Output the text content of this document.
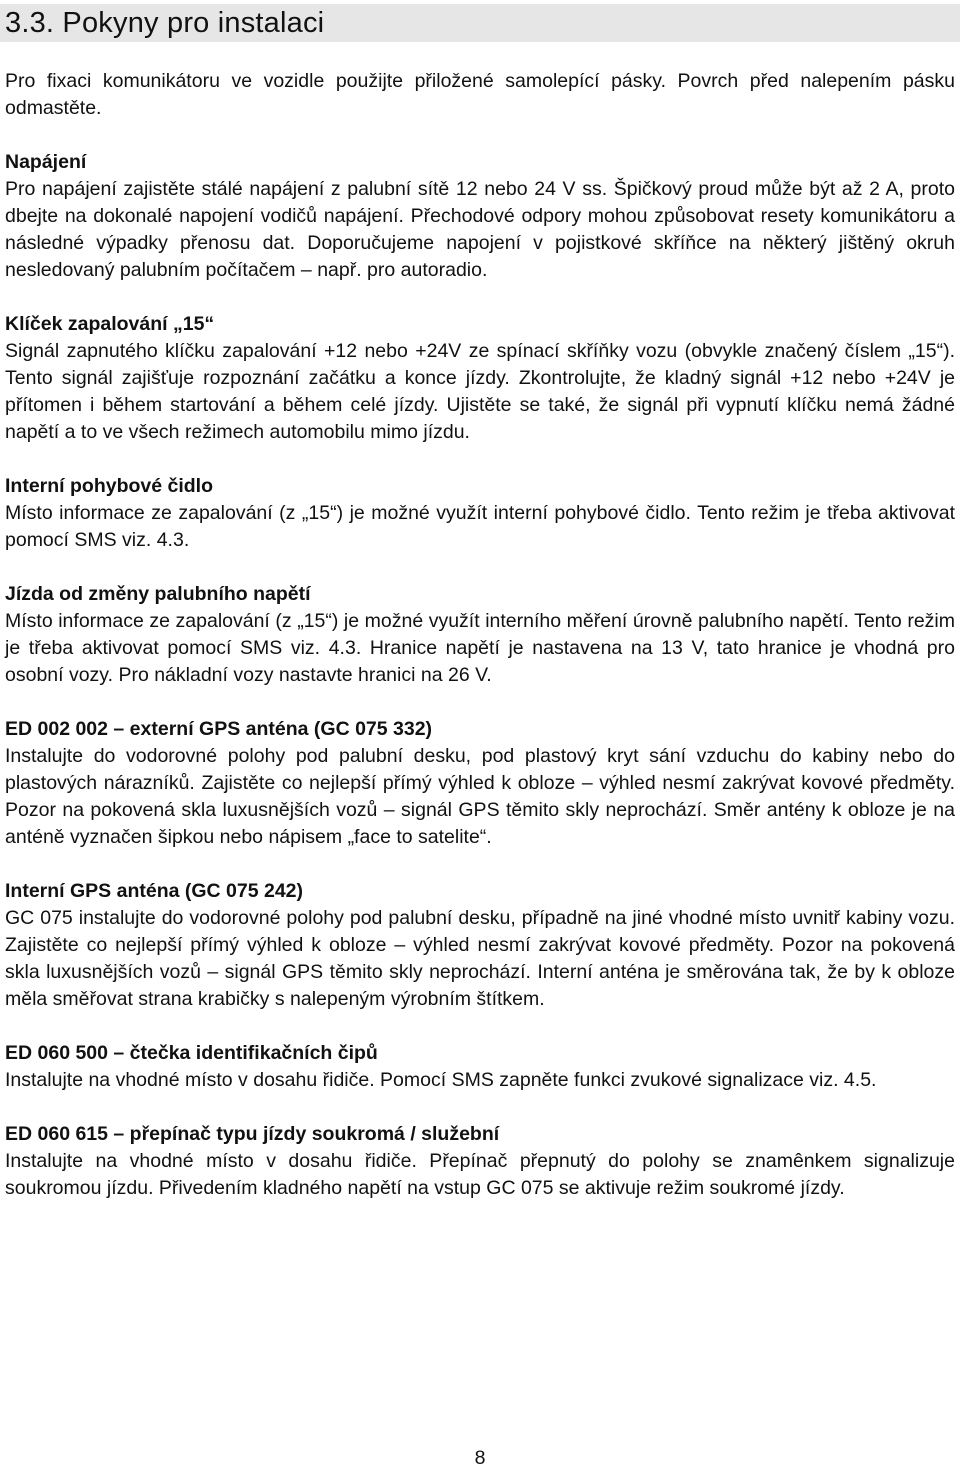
3.3. Pokyny pro instalaci

Pro fixaci komunikátoru ve vozidle použijte přiložené samolepící pásky. Povrch před nalepením pásku odmastěte.

Napájení

Pro napájení zajistěte stálé napájení z palubní sítě 12 nebo 24 V ss. Špičkový proud může být až 2 A, proto dbejte na dokonalé napojení vodičů napájení. Přechodové odpory mohou způsobovat resety komunikátoru a následné výpadky přenosu dat. Doporučujeme napojení v pojistkové skříňce na některý jištěný okruh nesledovaný palubním počítačem – např. pro autoradio.

Klíček zapalování „15“

Signál zapnutého klíčku zapalování +12 nebo +24V ze spínací skříňky vozu (obvykle značený číslem „15“). Tento signál zajišťuje rozpoznání začátku a konce jízdy. Zkontrolujte, že kladný signál +12 nebo +24V je přítomen i během startování a během celé jízdy. Ujistěte se také, že signál při vypnutí klíčku nemá žádné napětí a to ve všech režimech automobilu mimo jízdu.

Interní pohybové čidlo

Místo informace ze zapalování (z „15“) je možné využít interní pohybové čidlo. Tento režim je třeba aktivovat pomocí SMS viz. 4.3.

Jízda od změny palubního napětí

Místo informace ze zapalování (z „15“) je možné využít interního měření úrovně palubního napětí. Tento režim je třeba aktivovat pomocí SMS viz. 4.3. Hranice napětí je nastavena na 13 V, tato hranice je vhodná pro osobní vozy. Pro nákladní vozy nastavte hranici na 26 V.

ED 002 002 – externí GPS anténa (GC 075 332)

Instalujte do vodorovné polohy pod palubní desku, pod plastový kryt sání vzduchu do kabiny nebo do plastových nárazníků. Zajistěte co nejlepší přímý výhled k obloze – výhled nesmí zakrývat kovové předměty. Pozor na pokovená skla luxusnějších vozů – signál GPS těmito skly neprochází. Směr antény k obloze je na anténě vyznačen šipkou nebo nápisem „face to satelite“.

Interní GPS anténa (GC 075 242)

GC 075 instalujte do vodorovné polohy pod palubní desku, případně na jiné vhodné místo uvnitř kabiny vozu. Zajistěte co nejlepší přímý výhled k obloze – výhled nesmí zakrývat kovové předměty. Pozor na pokovená skla luxusnějších vozů – signál GPS těmito skly neprochází. Interní anténa je směrována tak, že by k obloze měla směřovat strana krabičky s nalepeným výrobním štítkem.

ED 060 500 – čtečka identifikačních čipů

Instalujte na vhodné místo v dosahu řidiče. Pomocí SMS zapněte funkci zvukové signalizace viz. 4.5.

ED 060 615 – přepínač typu jízdy soukromá / služební

Instalujte na vhodné místo v dosahu řidiče. Přepínač přepnutý do polohy se znamênkem signalizuje soukromou jízdu. Přivedením kladného napětí na vstup GC 075 se aktivuje režim soukromé jízdy.

8
